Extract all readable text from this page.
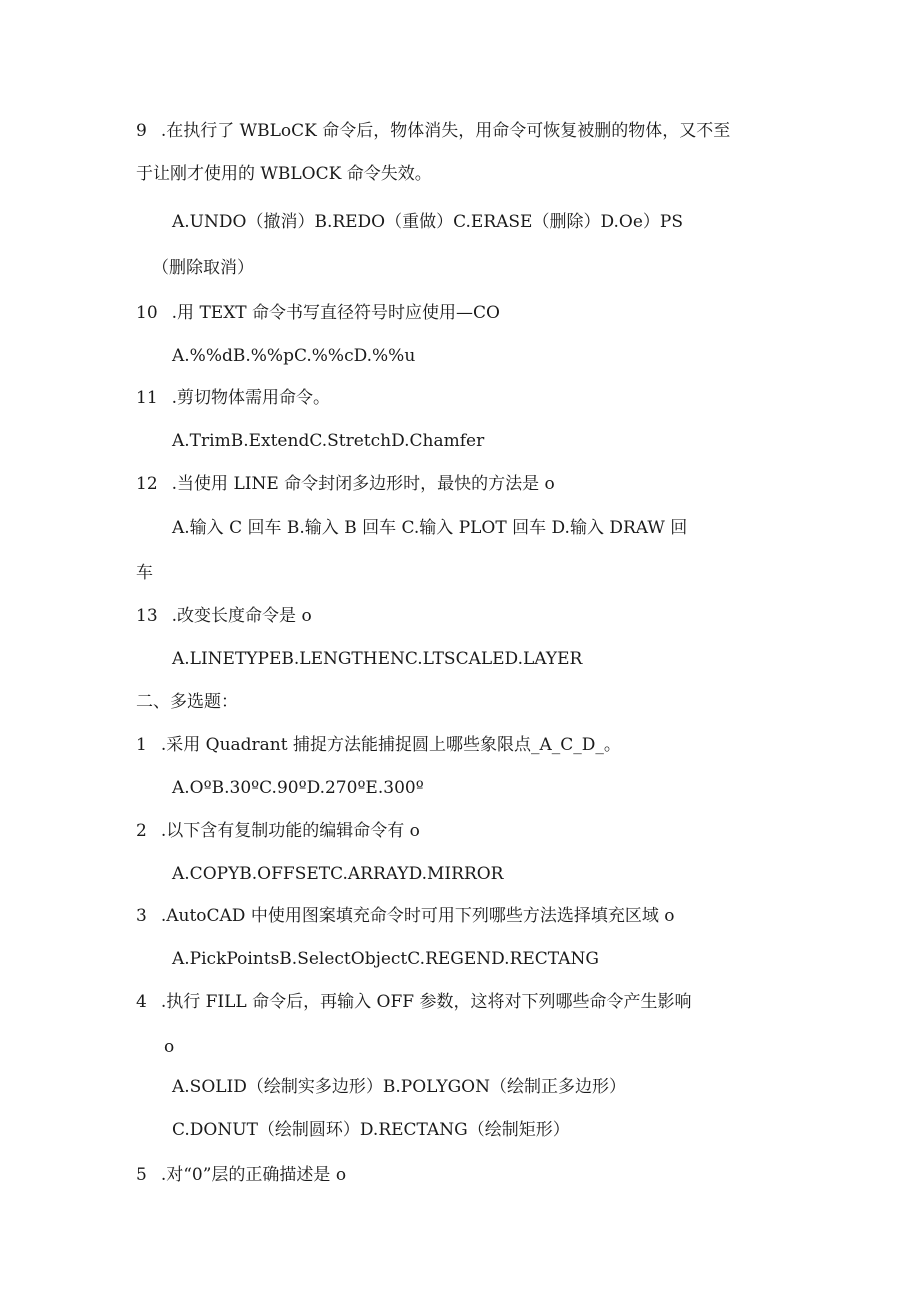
9 .在执行了 WBLoCK 命令后，物体消失，用命令可恢复被删的物体，又不至
于让刚才使用的 WBLOCK 命令失效。
A.UNDO（撤消）B.REDO（重做）C.ERASE（删除）D.Oe）PS
（删除取消）
10 .用 TEXT 命令书写直径符号时应使用—CO
A.%%dB.%%pC.%%cD.%%u
11 .剪切物体需用命令。
A.TrimB.ExtendC.StretchD.Chamfer
12 .当使用 LINE 命令封闭多边形时，最快的方法是 o
A.输入 C 回车 B.输入 B 回车 C.输入 PLOT 回车 D.输入 DRAW 回
车
13 .改变长度命令是 o
A.LINETYPEB.LENGTHENC.LTSCALED.LAYER
二、多选题：
1 .采用 Quadrant 捕捉方法能捕捉圆上哪些象限点_A_C_D_。
A.OºB.30ºC.90ºD.270ºE.300º
2 .以下含有复制功能的编辑命令有 o
A.COPYB.OFFSETC.ARRAYD.MIRROR
3 .AutoCAD 中使用图案填充命令时可用下列哪些方法选择填充区域 o
A.PickPointsB.SelectObjectC.REGEND.RECTANG
4 .执行 FILL 命令后，再输入 OFF 参数，这将对下列哪些命令产生影响
o
A.SOLID（绘制实多边形）B.POLYGON（绘制正多边形）
C.DONUT（绘制圆环）D.RECTANG（绘制矩形）
5 .对“0”层的正确描述是 o
